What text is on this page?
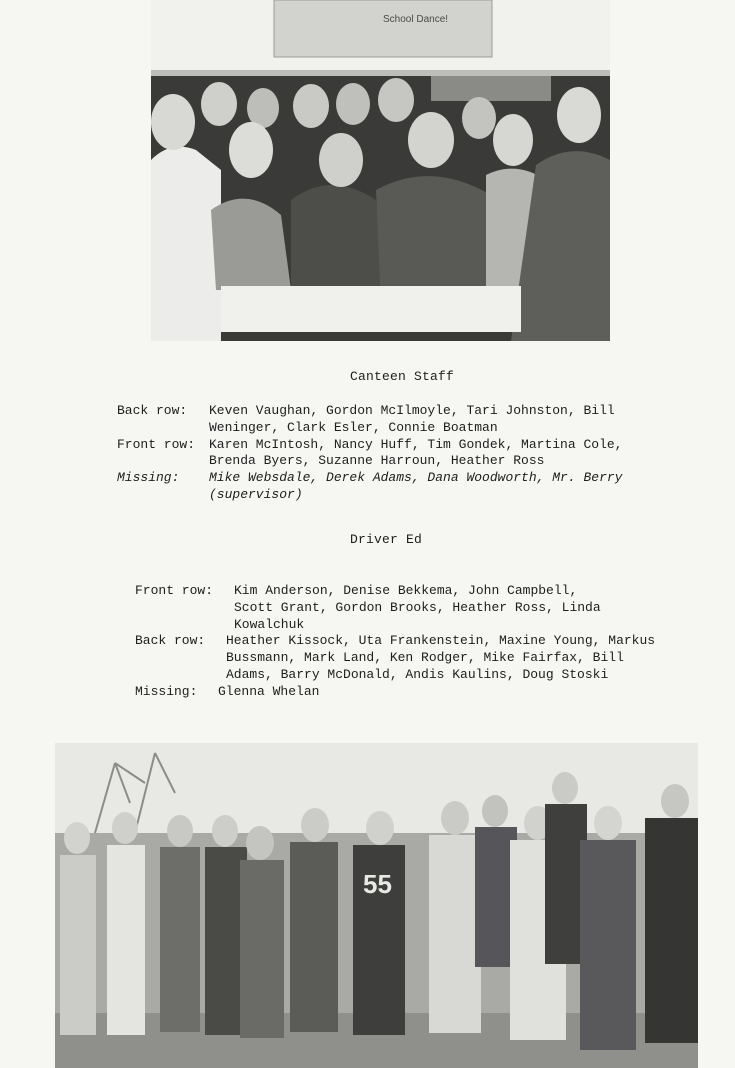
School Dance!
Canteen Staff
Back row:	Keven Vaughan, Gordon McIlmoyle, Tari Johnston, Bill Weninger, Clark Esler, Connie Boatman
Front row:	Karen McIntosh, Nancy Huff, Tim Gondek, Martina Cole, Brenda Byers, Suzanne Harroun, Heather Ross
Missing:	Mike Websdale, Derek Adams, Dana Woodworth, Mr. Berry (supervisor)
Driver Ed
Front row:	Kim Anderson, Denise Bekkema, John Campbell, Scott Grant, Gordon Brooks, Heather Ross, Linda Kowalchuk
Back row:	Heather Kissock, Uta Frankenstein, Maxine Young, Markus Bussmann, Mark Land, Ken Rodger, Mike Fairfax, Bill Adams, Barry McDonald, Andis Kaulins, Doug Stoski
Missing:	Glenna Whelan
55
